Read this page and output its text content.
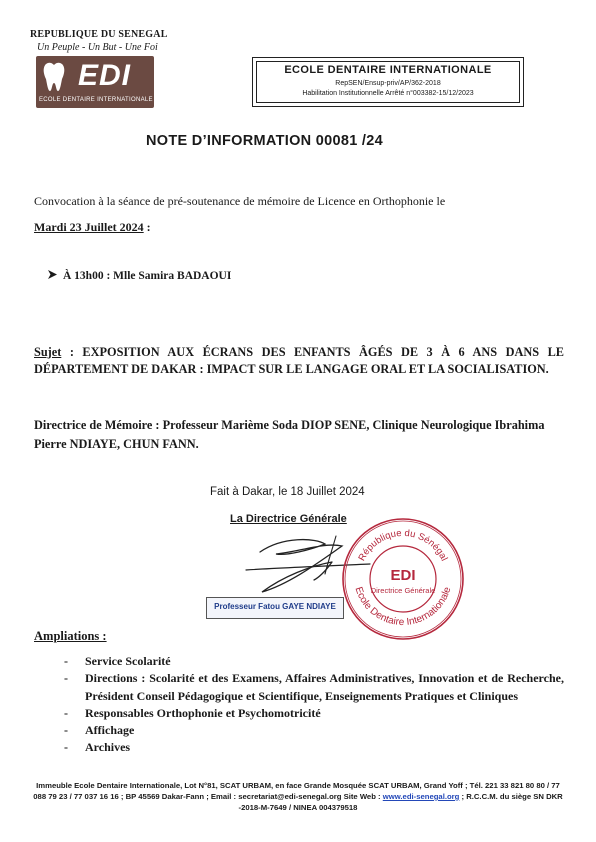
REPUBLIQUE DU SENEGAL
Un Peuple - Un But - Une Foi
EDI
ECOLE DENTAIRE INTERNATIONALE
ECOLE DENTAIRE INTERNATIONALE
RepSEN/Ensup-priv/AP/362-2018
Habilitation Institutionnelle Arrêté n°003382-15/12/2023
NOTE D’INFORMATION 00081 /24
Convocation à la séance de pré-soutenance de mémoire de Licence en Orthophonie le
Mardi 23 Juillet 2024 :
À 13h00 : Mlle Samira BADAOUI
Sujet : EXPOSITION AUX ÉCRANS DES ENFANTS ÂGÉS DE 3 À 6 ANS DANS LE DÉPARTEMENT DE DAKAR : IMPACT SUR LE LANGAGE ORAL ET LA SOCIALISATION.
Directrice de Mémoire : Professeur Marième Soda DIOP SENE, Clinique Neurologique Ibrahima Pierre NDIAYE, CHUN FANN.
Fait à Dakar, le 18 Juillet 2024
La Directrice Générale
Professeur Fatou GAYE NDIAYE
République du Sénégal
Ecole Dentaire Internationale
EDI
Directrice Générale
Ampliations :
- Service Scolarité
- Directions : Scolarité et des Examens, Affaires Administratives, Innovation et de Recherche, Président Conseil Pédagogique et Scientifique, Enseignements Pratiques et Cliniques
- Responsables Orthophonie et Psychomotricité
- Affichage
- Archives
Immeuble Ecole Dentaire Internationale, Lot N°81, SCAT URBAM, en face Grande Mosquée SCAT URBAM, Grand Yoff ; Tél. 221 33 821 80 80 / 77 088 79 23 / 77 037 16 16 ; BP 45569 Dakar-Fann ; Email : secretariat@edi-senegal.org Site Web : www.edi-senegal.org ; R.C.C.M. du siège SN DKR -2018-M-7649 / NINEA 004379518
